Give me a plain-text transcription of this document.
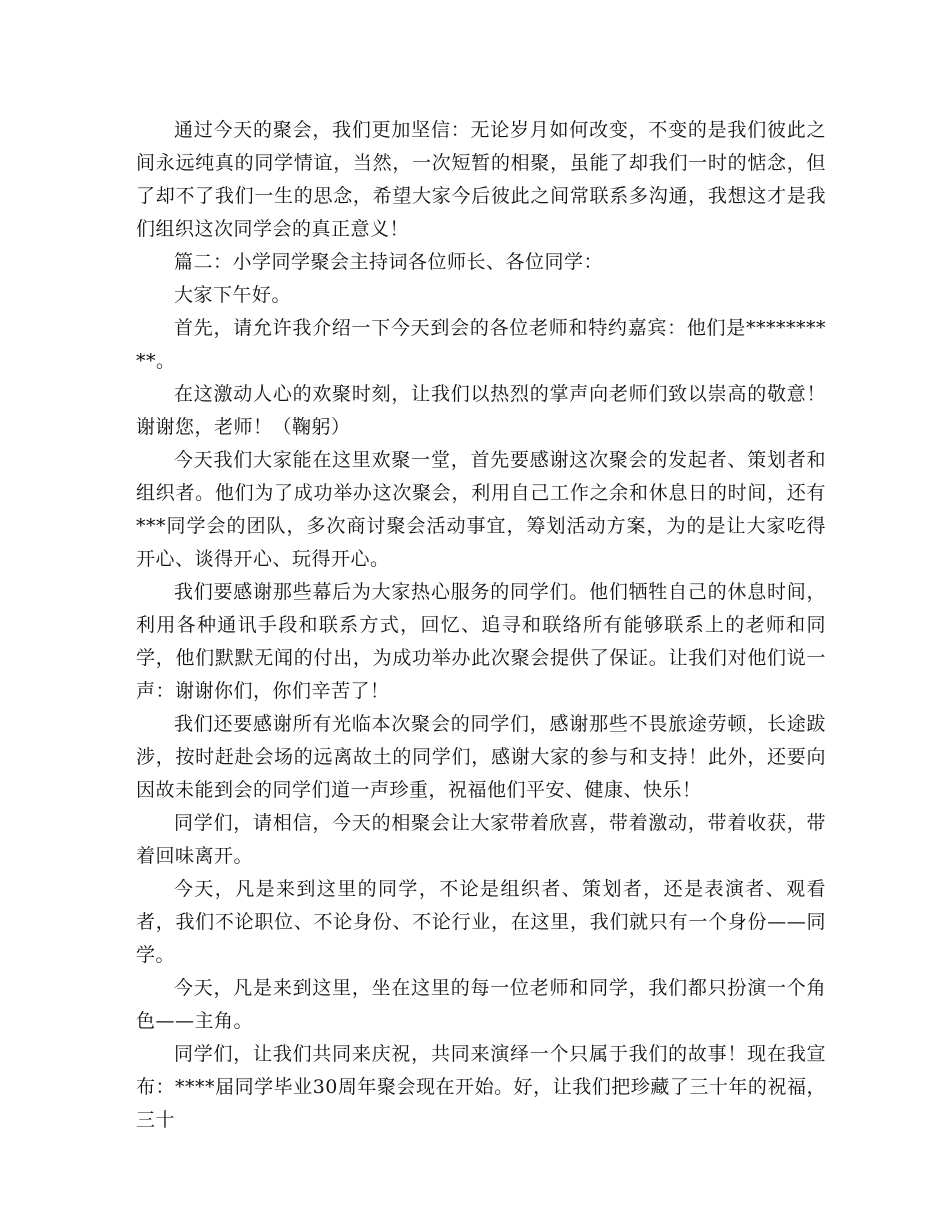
通过今天的聚会，我们更加坚信：无论岁月如何改变，不变的是我们彼此之间永远纯真的同学情谊，当然，一次短暂的相聚，虽能了却我们一时的惦念，但了却不了我们一生的思念，希望大家今后彼此之间常联系多沟通，我想这才是我们组织这次同学会的真正意义！

篇二：小学同学聚会主持词各位师长、各位同学：

大家下午好。

首先，请允许我介绍一下今天到会的各位老师和特约嘉宾：他们是**********。

在这激动人心的欢聚时刻，让我们以热烈的掌声向老师们致以崇高的敬意！谢谢您，老师！（鞠躬）

今天我们大家能在这里欢聚一堂，首先要感谢这次聚会的发起者、策划者和组织者。他们为了成功举办这次聚会，利用自己工作之余和休息日的时间，还有***同学会的团队，多次商讨聚会活动事宜，筹划活动方案，为的是让大家吃得开心、谈得开心、玩得开心。

我们要感谢那些幕后为大家热心服务的同学们。他们牺牲自己的休息时间，利用各种通讯手段和联系方式，回忆、追寻和联络所有能够联系上的老师和同学，他们默默无闻的付出，为成功举办此次聚会提供了保证。让我们对他们说一声：谢谢你们，你们辛苦了！

我们还要感谢所有光临本次聚会的同学们，感谢那些不畏旅途劳顿，长途跋涉，按时赶赴会场的远离故土的同学们，感谢大家的参与和支持！此外，还要向因故未能到会的同学们道一声珍重，祝福他们平安、健康、快乐！

同学们，请相信，今天的相聚会让大家带着欣喜，带着激动，带着收获，带着回味离开。

今天，凡是来到这里的同学，不论是组织者、策划者，还是表演者、观看者，我们不论职位、不论身份、不论行业，在这里，我们就只有一个身份——同学。

今天，凡是来到这里，坐在这里的每一位老师和同学，我们都只扮演一个角色——主角。

同学们，让我们共同来庆祝，共同来演绎一个只属于我们的故事！现在我宣布：****届同学毕业30周年聚会现在开始。好，让我们把珍藏了三十年的祝福，三十
